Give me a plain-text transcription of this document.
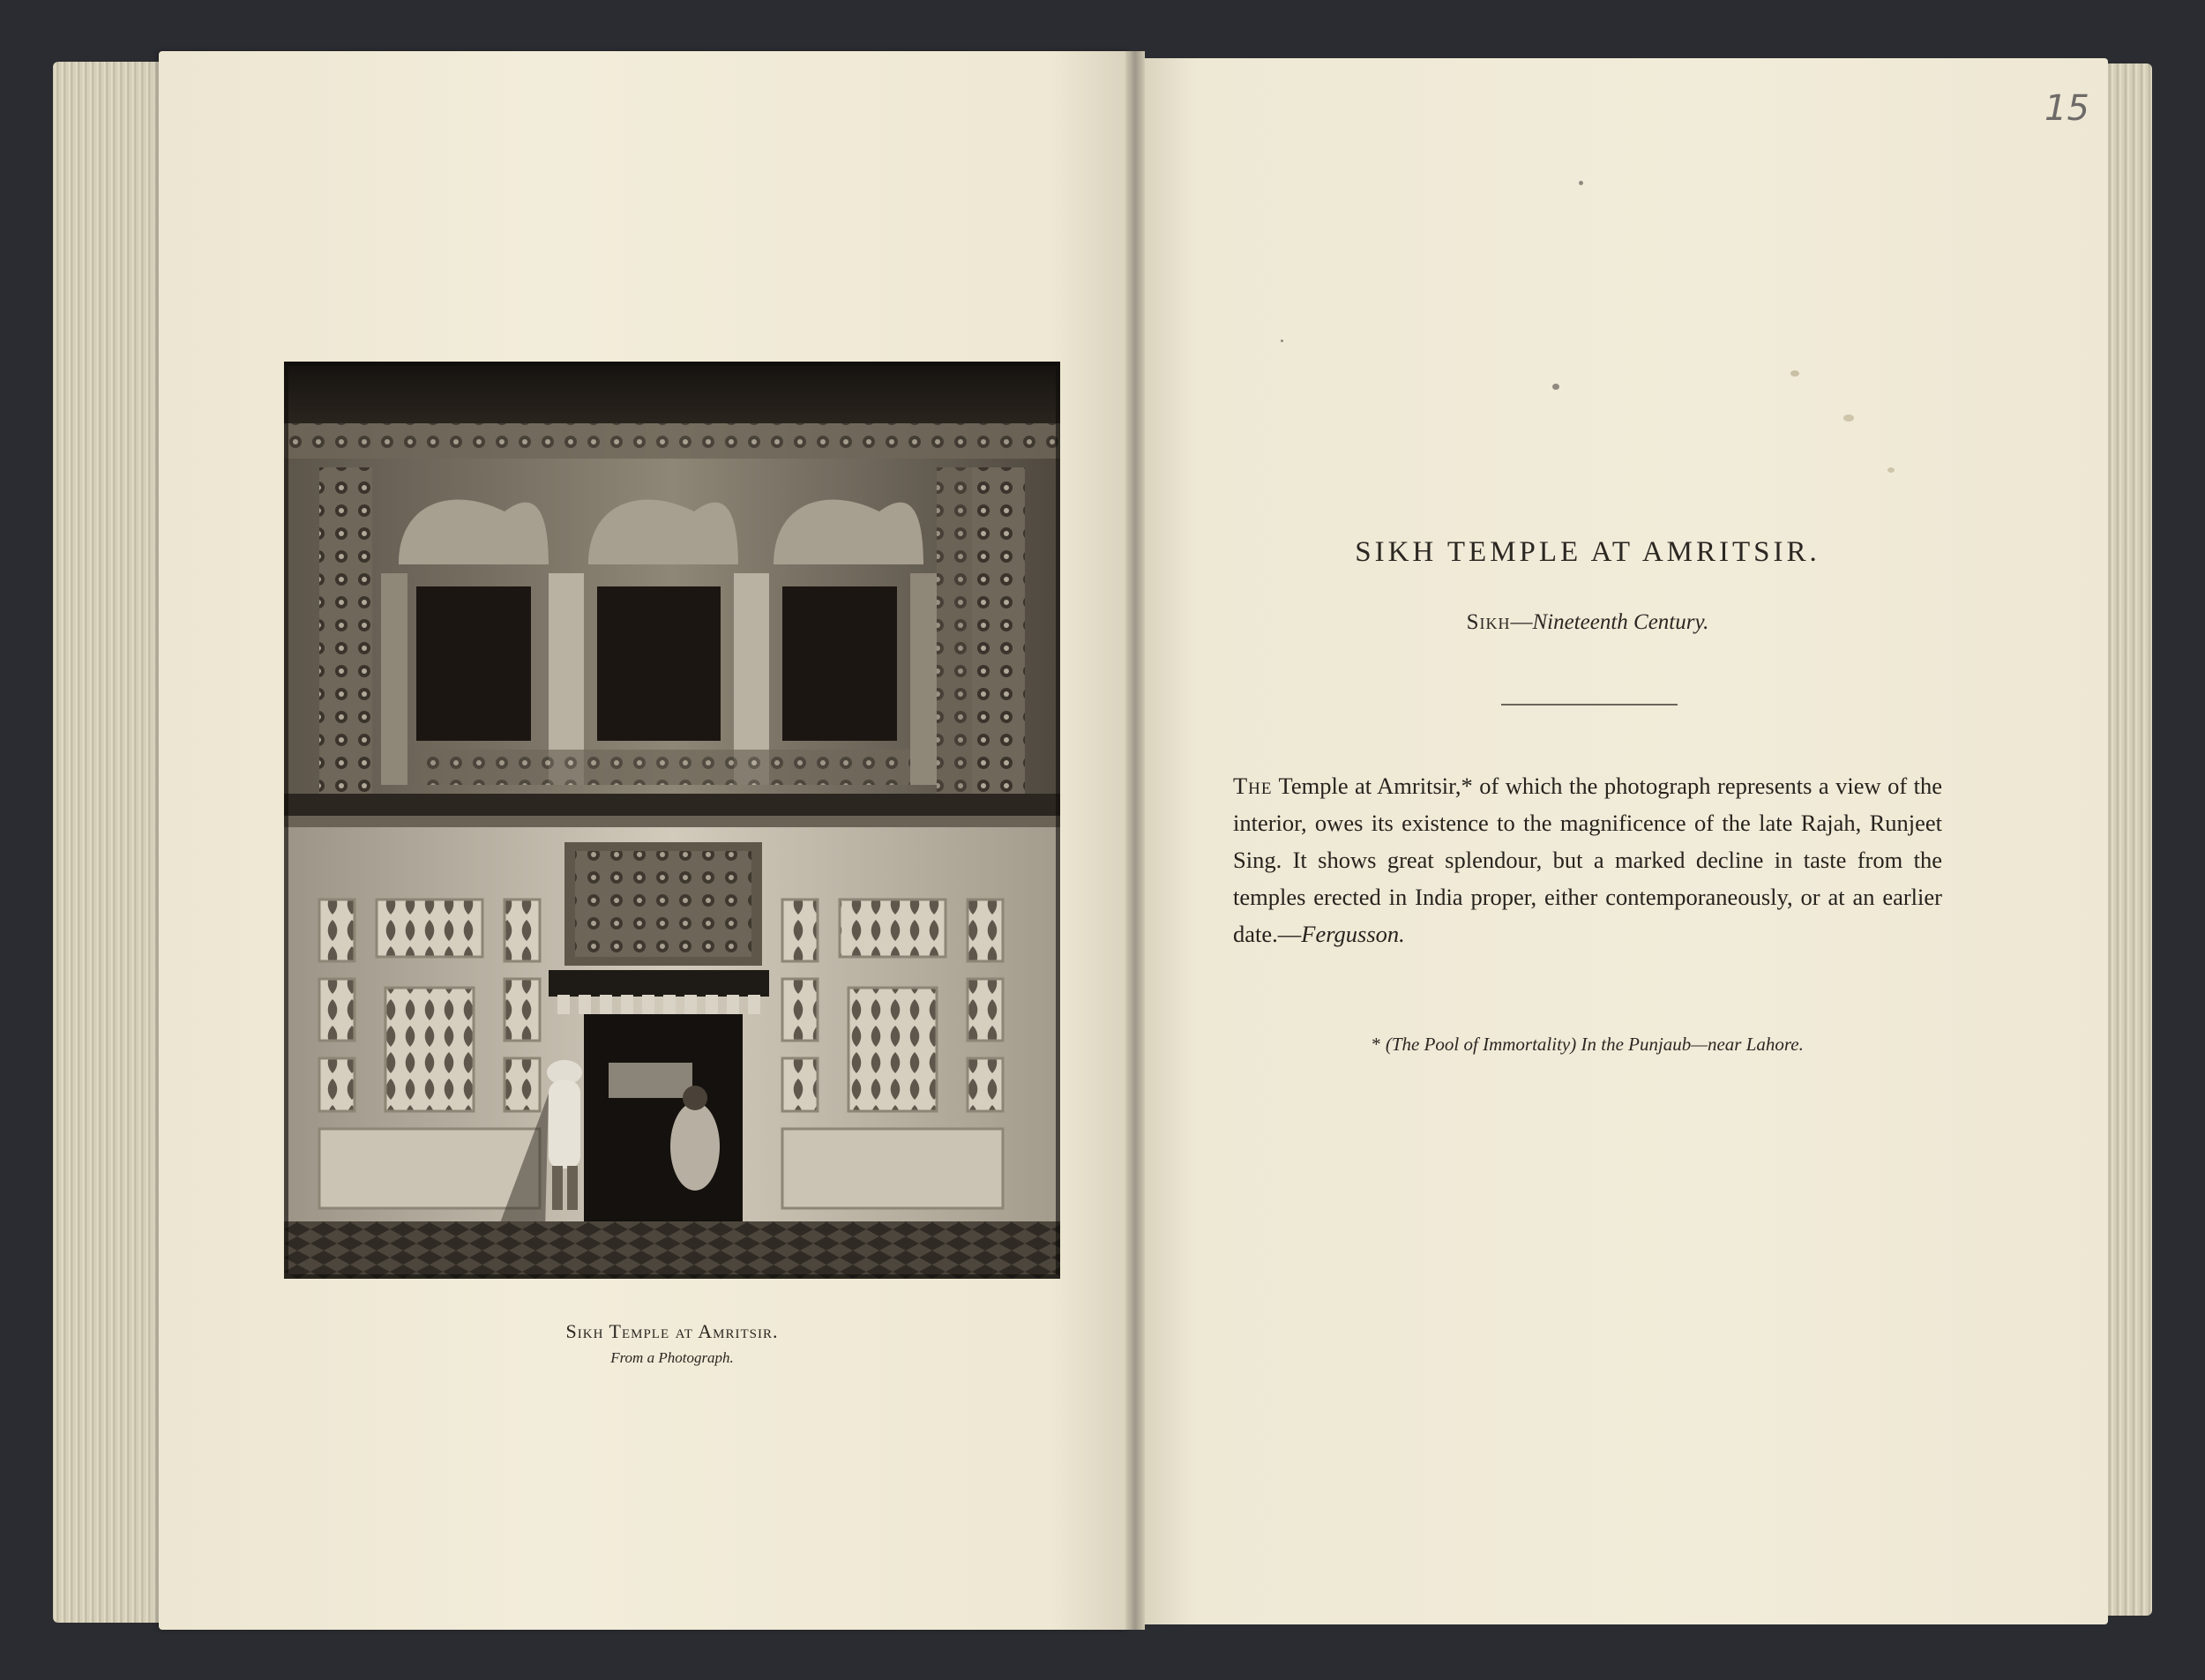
Sikh Temple at Amritsir.
From a Photograph.
15
SIKH TEMPLE AT AMRITSIR.
Sikh—Nineteenth Century.
The Temple at Amritsir,* of which the photograph represents a view of the interior, owes its existence to the magnificence of the late Rajah, Runjeet Sing. It shows great splendour, but a marked decline in taste from the temples erected in India proper, either contemporaneously, or at an earlier date.—Fergusson.
* (The Pool of Immortality) In the Punjaub—near Lahore.
